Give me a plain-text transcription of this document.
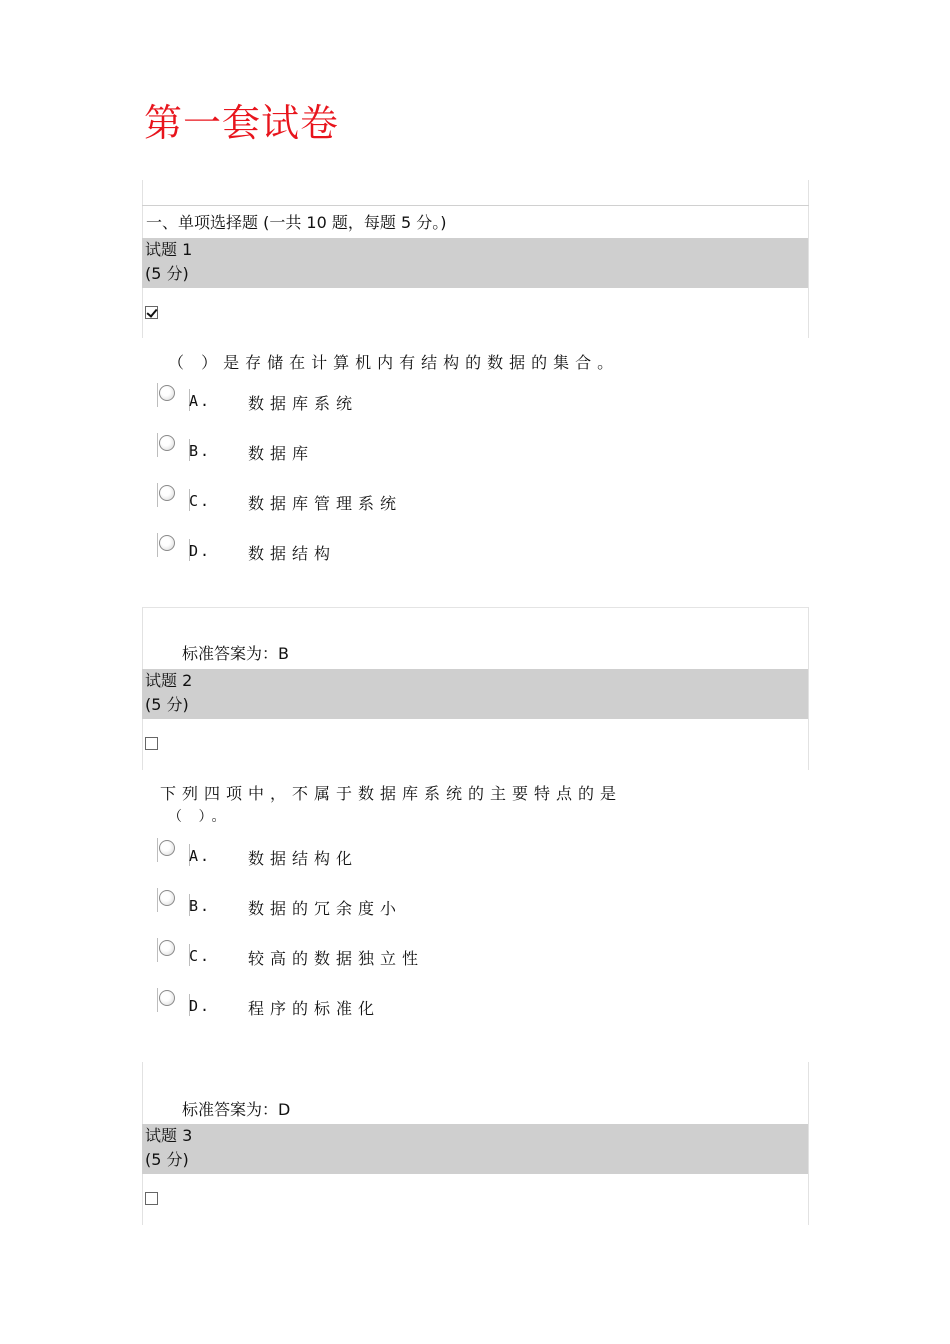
第一套试卷
一、单项选择题 (一共 10 题，每题 5 分。)
试题 1
(5 分)
（ ）是存储在计算机内有结构的数据的集合。
A. 数据库系统
B. 数据库
C. 数据库管理系统
D. 数据结构
标准答案为：B
试题 2
(5 分)
下列四项中，不属于数据库系统的主要特点的是
（ ）。
A. 数据结构化
B. 数据的冗余度小
C. 较高的数据独立性
D. 程序的标准化
标准答案为：D
试题 3
(5 分)
